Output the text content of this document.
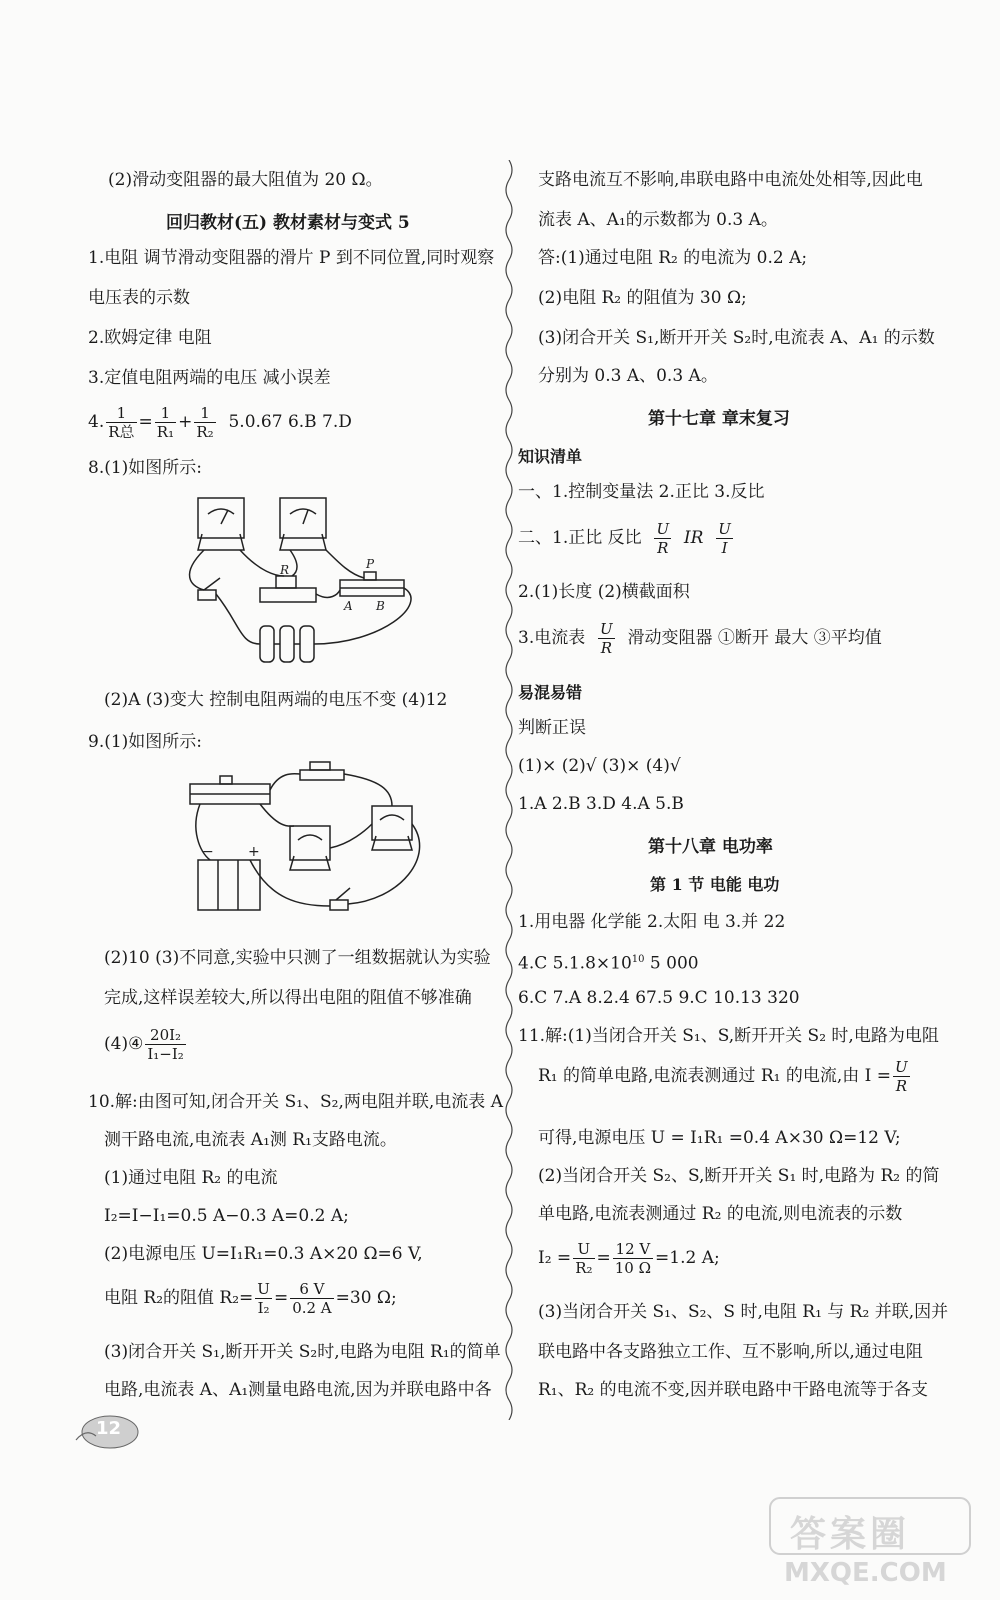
(2)滑动变阻器的最大阻值为 20 Ω。
回归教材(五) 教材素材与变式 5
1.电阻 调节滑动变阻器的滑片 P 到不同位置,同时观察
电压表的示数
2.欧姆定律 电阻
3.定值电阻两端的电压 减小误差
4. $\frac{1}{\text{R总}} = \frac{1}{\text{R₁}} + \frac{1}{\text{R₂}} 5.0.67$ 6.B 7.D
8.(1)如图所示:
R	P
A B
(2)A (3)变大 控制电阻两端的电压不变 (4)12
9.(1)如图所示:
− +
(2)10 (3)不同意,实验中只测了一组数据就认为实验
完成,这样误差较大,所以得出电阻的阻值不够准确
(4)④ $\frac{\text{20I₂}}{\text{I₁−I₂}}$
10.解:由图可知,闭合开关 S₁、S₂,两电阻并联,电流表 A
测干路电流,电流表 A₁测 R₁支路电流。
(1)通过电阻 R₂ 的电流
I₂=I−I₁=0.5 A−0.3 A=0.2 A;
(2)电源电压 U=I₁R₁=0.3 A×20 Ω=6 V,
电阻 R₂的阻值 $R_2= \frac{U}{\text{I₂}} = \frac{6 V}{0.2 A} =30$ Ω;
(3)闭合开关 S₁,断开开关 S₂时,电路为电阻 R₁的简单
电路,电流表 A、A₁测量电路电流,因为并联电路中各
支路电流互不影响,串联电路中电流处处相等,因此电
流表 A、A₁的示数都为 0.3 A。
答:(1)通过电阻 R₂ 的电流为 0.2 A;
(2)电阻 R₂ 的阻值为 30 Ω;
(3)闭合开关 S₁,断开开关 S₂时,电流表 A、A₁ 的示数
分别为 0.3 A、0.3 A。
第十七章 章末复习
知识清单
一、1.控制变量法 2.正比 3.反比
二、1.正比 反比 $\frac{U}{R}$ IR $\frac{U}{I}$
2.(1)长度 (2)横截面积
3.电流表 $\frac{U}{R}$ 滑动变阻器 ①断开 最大 ③平均值
易混易错
判断正误
(1)× (2)√ (3)× (4)√
1.A 2.B 3.D 4.A 5.B
第十八章 电功率
第 1 节 电能 电功
1.用电器 化学能 2.太阳 电 3.并 22
4.C $5.1.8\times 10^{10}$ 5 000
6.C 7.A 8.2.4 67.5 9.C 10.13 320
11.解:(1)当闭合开关 S₁、S,断开开关 S₂ 时,电路为电阻
R₁ 的简单电路,电流表测通过 R₁ 的电流,由 $I = \frac{U}{R}$
可得,电源电压 U = I₁R₁ =0.4 A×30 Ω=12 V;
(2)当闭合开关 S₂、S,断开开关 S₁ 时,电路为 R₂ 的简
单电路,电流表测通过 R₂ 的电流,则电流表的示数
$I_2 = \frac{U}{\text{R₂}} = \frac{12 V}{10 \Omega} =1.2$ A;
(3)当闭合开关 S₁、S₂、S 时,电阻 R₁ 与 R₂ 并联,因并
联电路中各支路独立工作、互不影响,所以,通过电阻
R₁、R₂ 的电流不变,因并联电路中干路电流等于各支
12
答案圈
MXQE.COM
